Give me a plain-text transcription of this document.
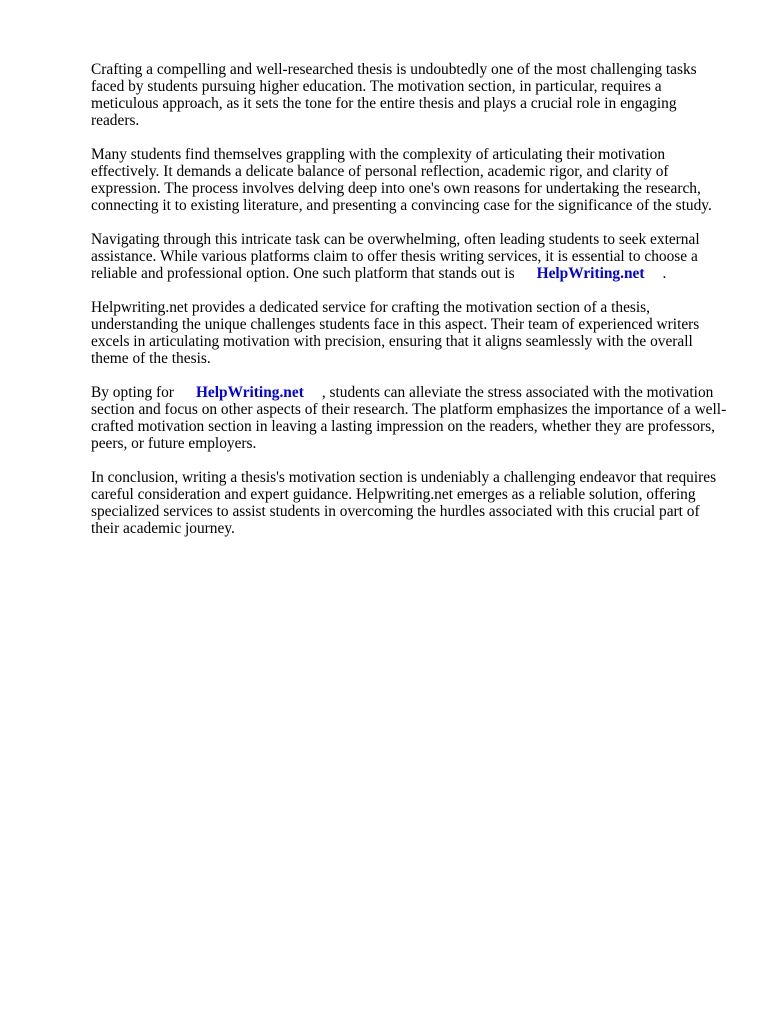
Crafting a compelling and well-researched thesis is undoubtedly one of the most challenging tasks faced by students pursuing higher education. The motivation section, in particular, requires a meticulous approach, as it sets the tone for the entire thesis and plays a crucial role in engaging readers.

Many students find themselves grappling with the complexity of articulating their motivation effectively. It demands a delicate balance of personal reflection, academic rigor, and clarity of expression. The process involves delving deep into one's own reasons for undertaking the research, connecting it to existing literature, and presenting a convincing case for the significance of the study.

Navigating through this intricate task can be overwhelming, often leading students to seek external assistance. While various platforms claim to offer thesis writing services, it is essential to choose a reliable and professional option. One such platform that stands out is HelpWriting.net .

Helpwriting.net provides a dedicated service for crafting the motivation section of a thesis, understanding the unique challenges students face in this aspect. Their team of experienced writers excels in articulating motivation with precision, ensuring that it aligns seamlessly with the overall theme of the thesis.

By opting for HelpWriting.net , students can alleviate the stress associated with the motivation section and focus on other aspects of their research. The platform emphasizes the importance of a well-crafted motivation section in leaving a lasting impression on the readers, whether they are professors, peers, or future employers.

In conclusion, writing a thesis's motivation section is undeniably a challenging endeavor that requires careful consideration and expert guidance. Helpwriting.net emerges as a reliable solution, offering specialized services to assist students in overcoming the hurdles associated with this crucial part of their academic journey.
